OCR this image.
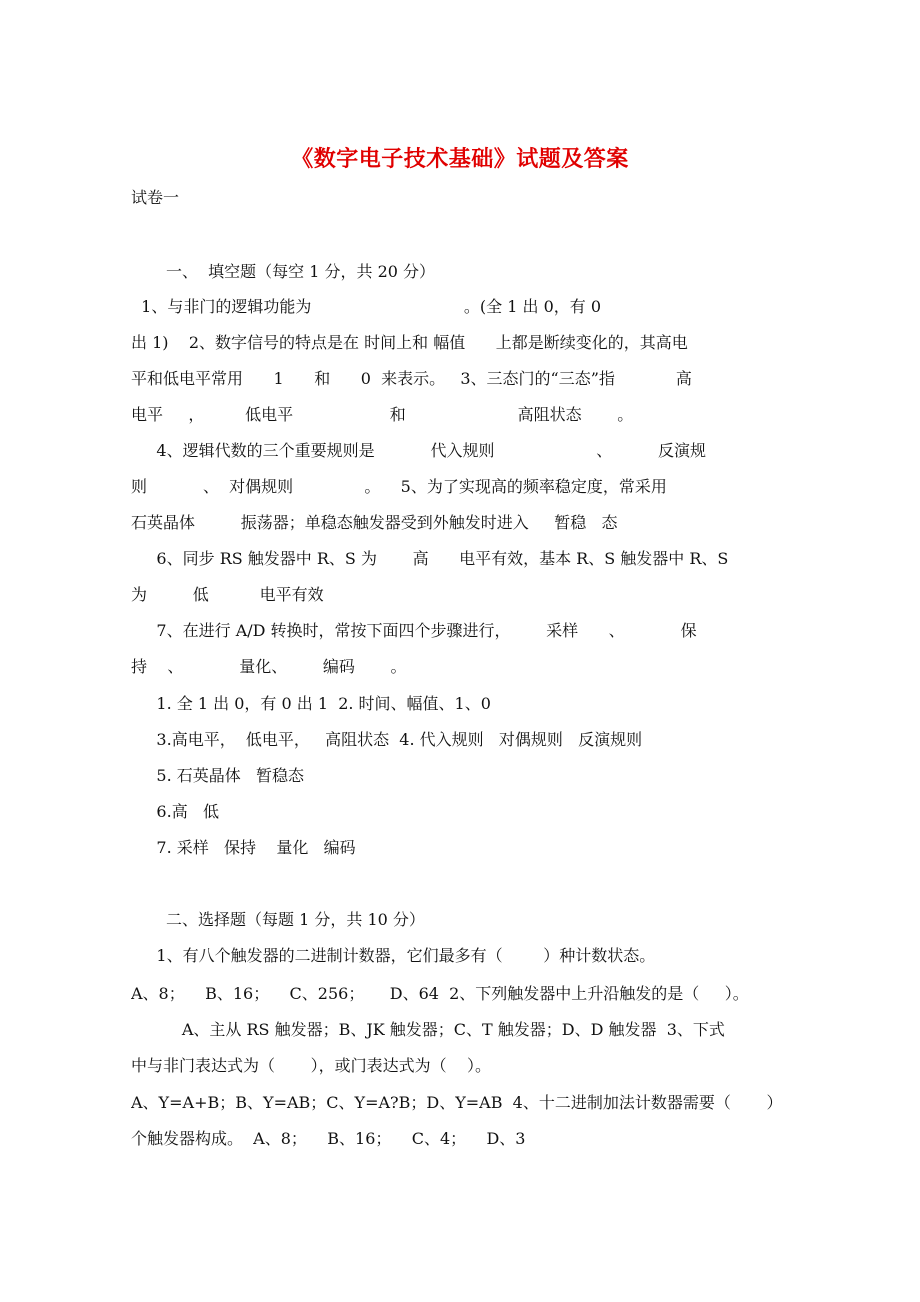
《数字电子技术基础》试题及答案
试卷一
一、  填空题（每空 1 分，共 20 分）
1、与非门的逻辑功能为                              。(全 1 出 0，有 0
出 1)    2、数字信号的特点是在 时间上和 幅值      上都是断续变化的，其高电
平和低电平常用      1      和      0  来表示。   3、三态门的“三态”指            高
电平     ，        低电平                   和                      高阻状态       。
4、逻辑代数的三个重要规则是           代入规则                    、         反演规
则           、  对偶规则              。    5、为了实现高的频率稳定度，常采用
石英晶体         振荡器；单稳态触发器受到外触发时进入     暂稳   态
6、同步 RS 触发器中 R、S 为       高      电平有效，基本 R、S 触发器中 R、S
为         低          电平有效
7、在进行 A/D 转换时，常按下面四个步骤进行，       采样      、           保
持    、           量化、       编码       。
1. 全 1 出 0，有 0 出 1  2. 时间、幅值、1、0
3.高电平，  低电平，   高阻状态  4. 代入规则   对偶规则   反演规则
5. 石英晶体   暂稳态
6.高   低
7. 采样   保持    量化   编码
二、选择题（每题 1 分，共 10 分）
1、有八个触发器的二进制计数器，它们最多有（        ）种计数状态。
A、8；    B、16；    C、256；     D、64  2、下列触发器中上升沿触发的是（     ）。
A、主从 RS 触发器；B、JK 触发器；C、T 触发器；D、D 触发器  3、下式
中与非门表达式为（       ），或门表达式为（    ）。
A、Y=A+B；B、Y=AB；C、Y=A?B；D、Y=AB  4、十二进制加法计数器需要（       ）
个触发器构成。  A、8；    B、16；    C、4；    D、3
